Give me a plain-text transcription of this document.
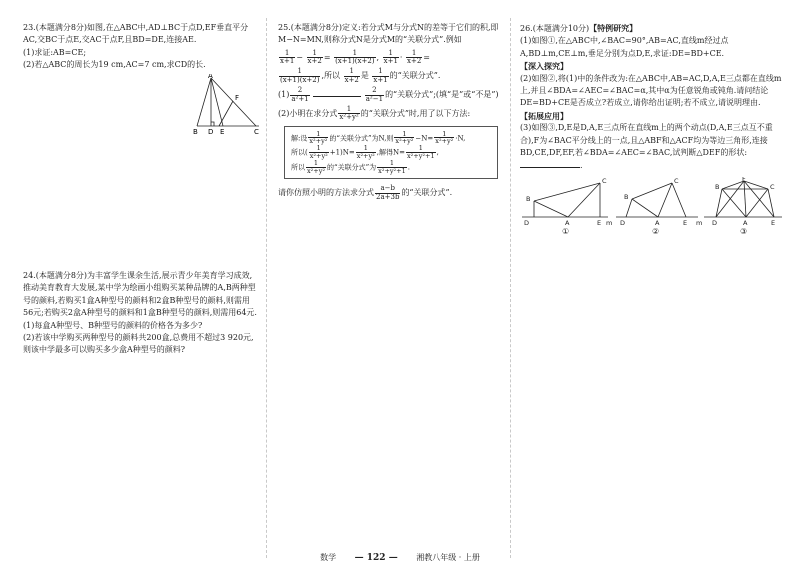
23.(本题满分8分)如图,在△ABC中,AD⊥BC于点D,EF垂直平分AC,交BC于点E,交AC于点F,且BD=DE,连接AE.

(1)求证:AB=CE;

(2)若△ABC的周长为19 cm,AC=7 cm,求CD的长.

A
F
B D E	C

24.(本题满分8分)为丰富学生课余生活,展示青少年美育学习成效,推动美育教育大发展,某中学为绘画小组购买某种品牌的A,B两种型号的颜料,若购买1盒A种型号的颜料和2盒B种型号的颜料,则需用56元;若购买2盒A种型号的颜料和1盒B种型号的颜料,则需用64元.

(1)每盒A种型号、B种型号的颜料的价格各为多少?

(2)若该中学购买两种型号的颜料共200盒,总费用不超过3 920元,则该中学最多可以购买多少盒A种型号的颜料?

25.(本题满分8分)定义:若分式M与分式N的差等于它们的积,即M−N=MN,则称分式N是分式M的“关联分式”.例如

$\frac{1}{x+1} - \frac{1}{x+2} = \frac{1}{(x+1)(x+2)}$ , $\frac{1}{x+1} \cdot \frac{1}{x+2}$ =
$\frac{1}{(x+1)(x+2)}$ ,所以 $\frac{1}{x+2}$ 是 $\frac{1}{x+1}$ 的“关联分式”.
$(1) \frac{2}{\text{a²+1}}$
	$\frac{2}{\text{a²−1}}$ 的“关联分式”;(填“是”或“不是”)
(2)小明在求分式 $\frac{1}{\text{x²+y²}}$ 的“关联分式”时,用了以下方法:
解:设 $\frac{1}{\text{x²+y²}}$ 的“关联分式”为N,则 $\frac{1}{\text{x²+y²}} -N= \frac{1}{\text{x²+y²}} \cdot N$,
所以( $\frac{1}{\text{x²+y²}} +1)N= \frac{1}{\text{x²+y²}}$ ,解得$N= \frac{1}{\text{x²+y²+1}}$ ,
所以 $\frac{1}{\text{x²+y²}}$ 的“关联分式”为 $\frac{1}{\text{x²+y²+1}}$ .
请你仿照小明的方法求分式 $\frac{a-b}{2a+3b}$ 的“关联分式”.

26.(本题满分10分)【特例研究】

(1)如图①,在△ABC中,∠BAC=90°,AB=AC,直线m经过点A,BD⊥m,CE⊥m,垂足分别为点D,E,求证:DE=BD+CE.

【深入探究】

(2)如图②,将(1)中的条件改为:在△ABC中,AB=AC,D,A,E三点都在直线m上,并且∠BDA=∠AEC=∠BAC=α,其中α为任意锐角或钝角.请问结论DE=BD+CE是否成立?若成立,请你给出证明;若不成立,请说明理由.

【拓展应用】

(3)如图③,D,E是D,A,E三点所在直线m上的两个动点(D,A,E三点互不重合),F为∠BAC平分线上的一点,且△ABF和△ACF均为等边三角形,连接BD,CE,DF,EF,若∠BDA=∠AEC=∠BAC,试判断△DEF的形状:.

B
C
D	A	E m
B
C
D	A	E m
B
F
C
D	A	E
①	②	③
数学 — 122 — 湘教八年级 · 上册
